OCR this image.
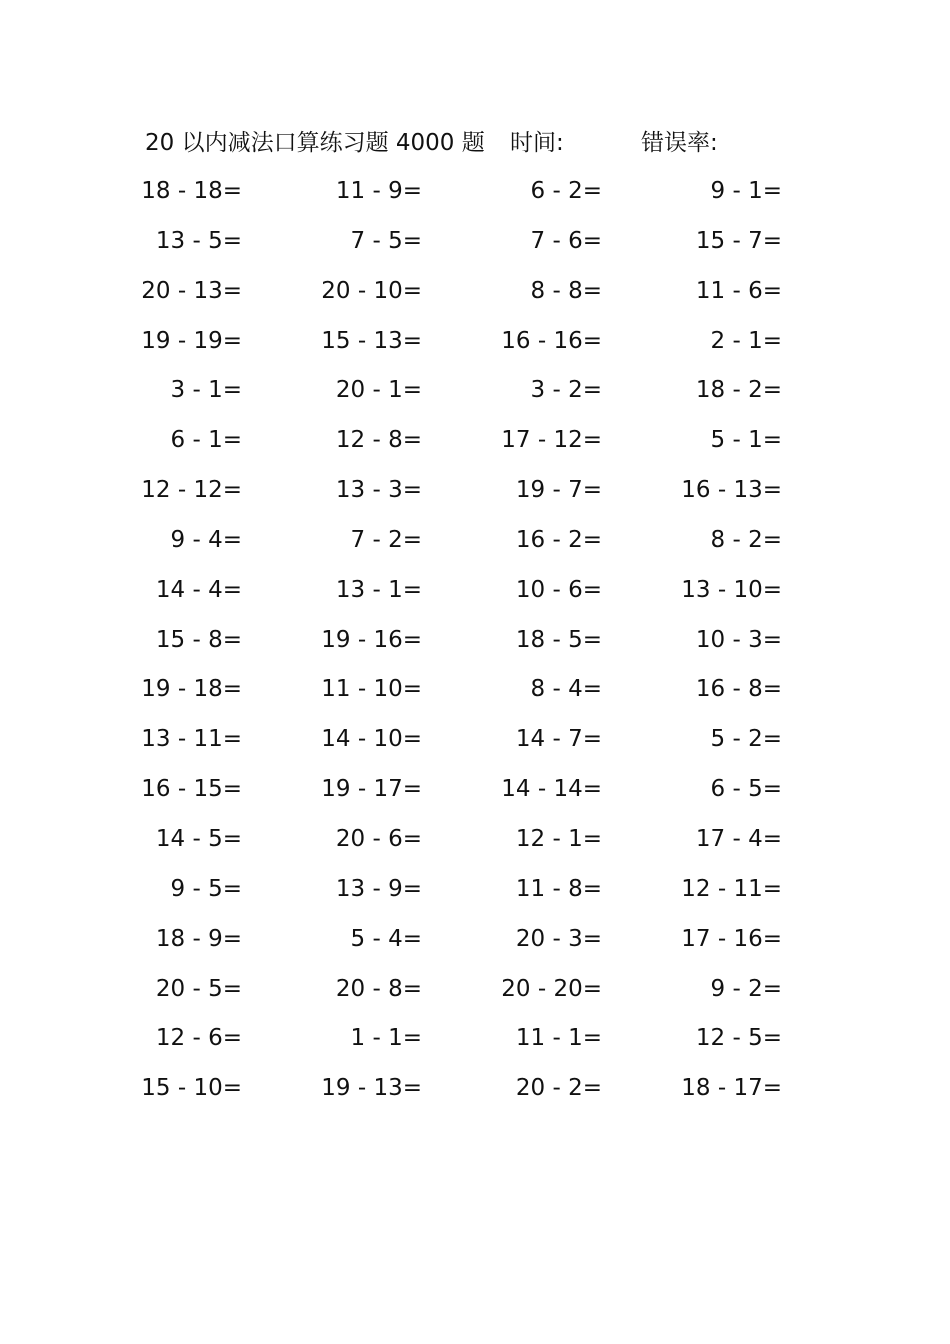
20 以内减法口算练习题 4000 题 时间:	错误率:
18 - 18=	11 - 9=	6 - 2=	9 - 1=
13 - 5=	7 - 5=	7 - 6=	15 - 7=
20 - 13=	20 - 10=	8 - 8=	11 - 6=
19 - 19=	15 - 13=	16 - 16=	2 - 1=
3 - 1=	20 - 1=	3 - 2=	18 - 2=
6 - 1=	12 - 8=	17 - 12=	5 - 1=
12 - 12=	13 - 3=	19 - 7=	16 - 13=
9 - 4=	7 - 2=	16 - 2=	8 - 2=
14 - 4=	13 - 1=	10 - 6=	13 - 10=
15 - 8=	19 - 16=	18 - 5=	10 - 3=
19 - 18=	11 - 10=	8 - 4=	16 - 8=
13 - 11=	14 - 10=	14 - 7=	5 - 2=
16 - 15=	19 - 17=	14 - 14=	6 - 5=
14 - 5=	20 - 6=	12 - 1=	17 - 4=
9 - 5=	13 - 9=	11 - 8=	12 - 11=
18 - 9=	5 - 4=	20 - 3=	17 - 16=
20 - 5=	20 - 8=	20 - 20=	9 - 2=
12 - 6=	1 - 1=	11 - 1=	12 - 5=
15 - 10=	19 - 13=	20 - 2=	18 - 17=
